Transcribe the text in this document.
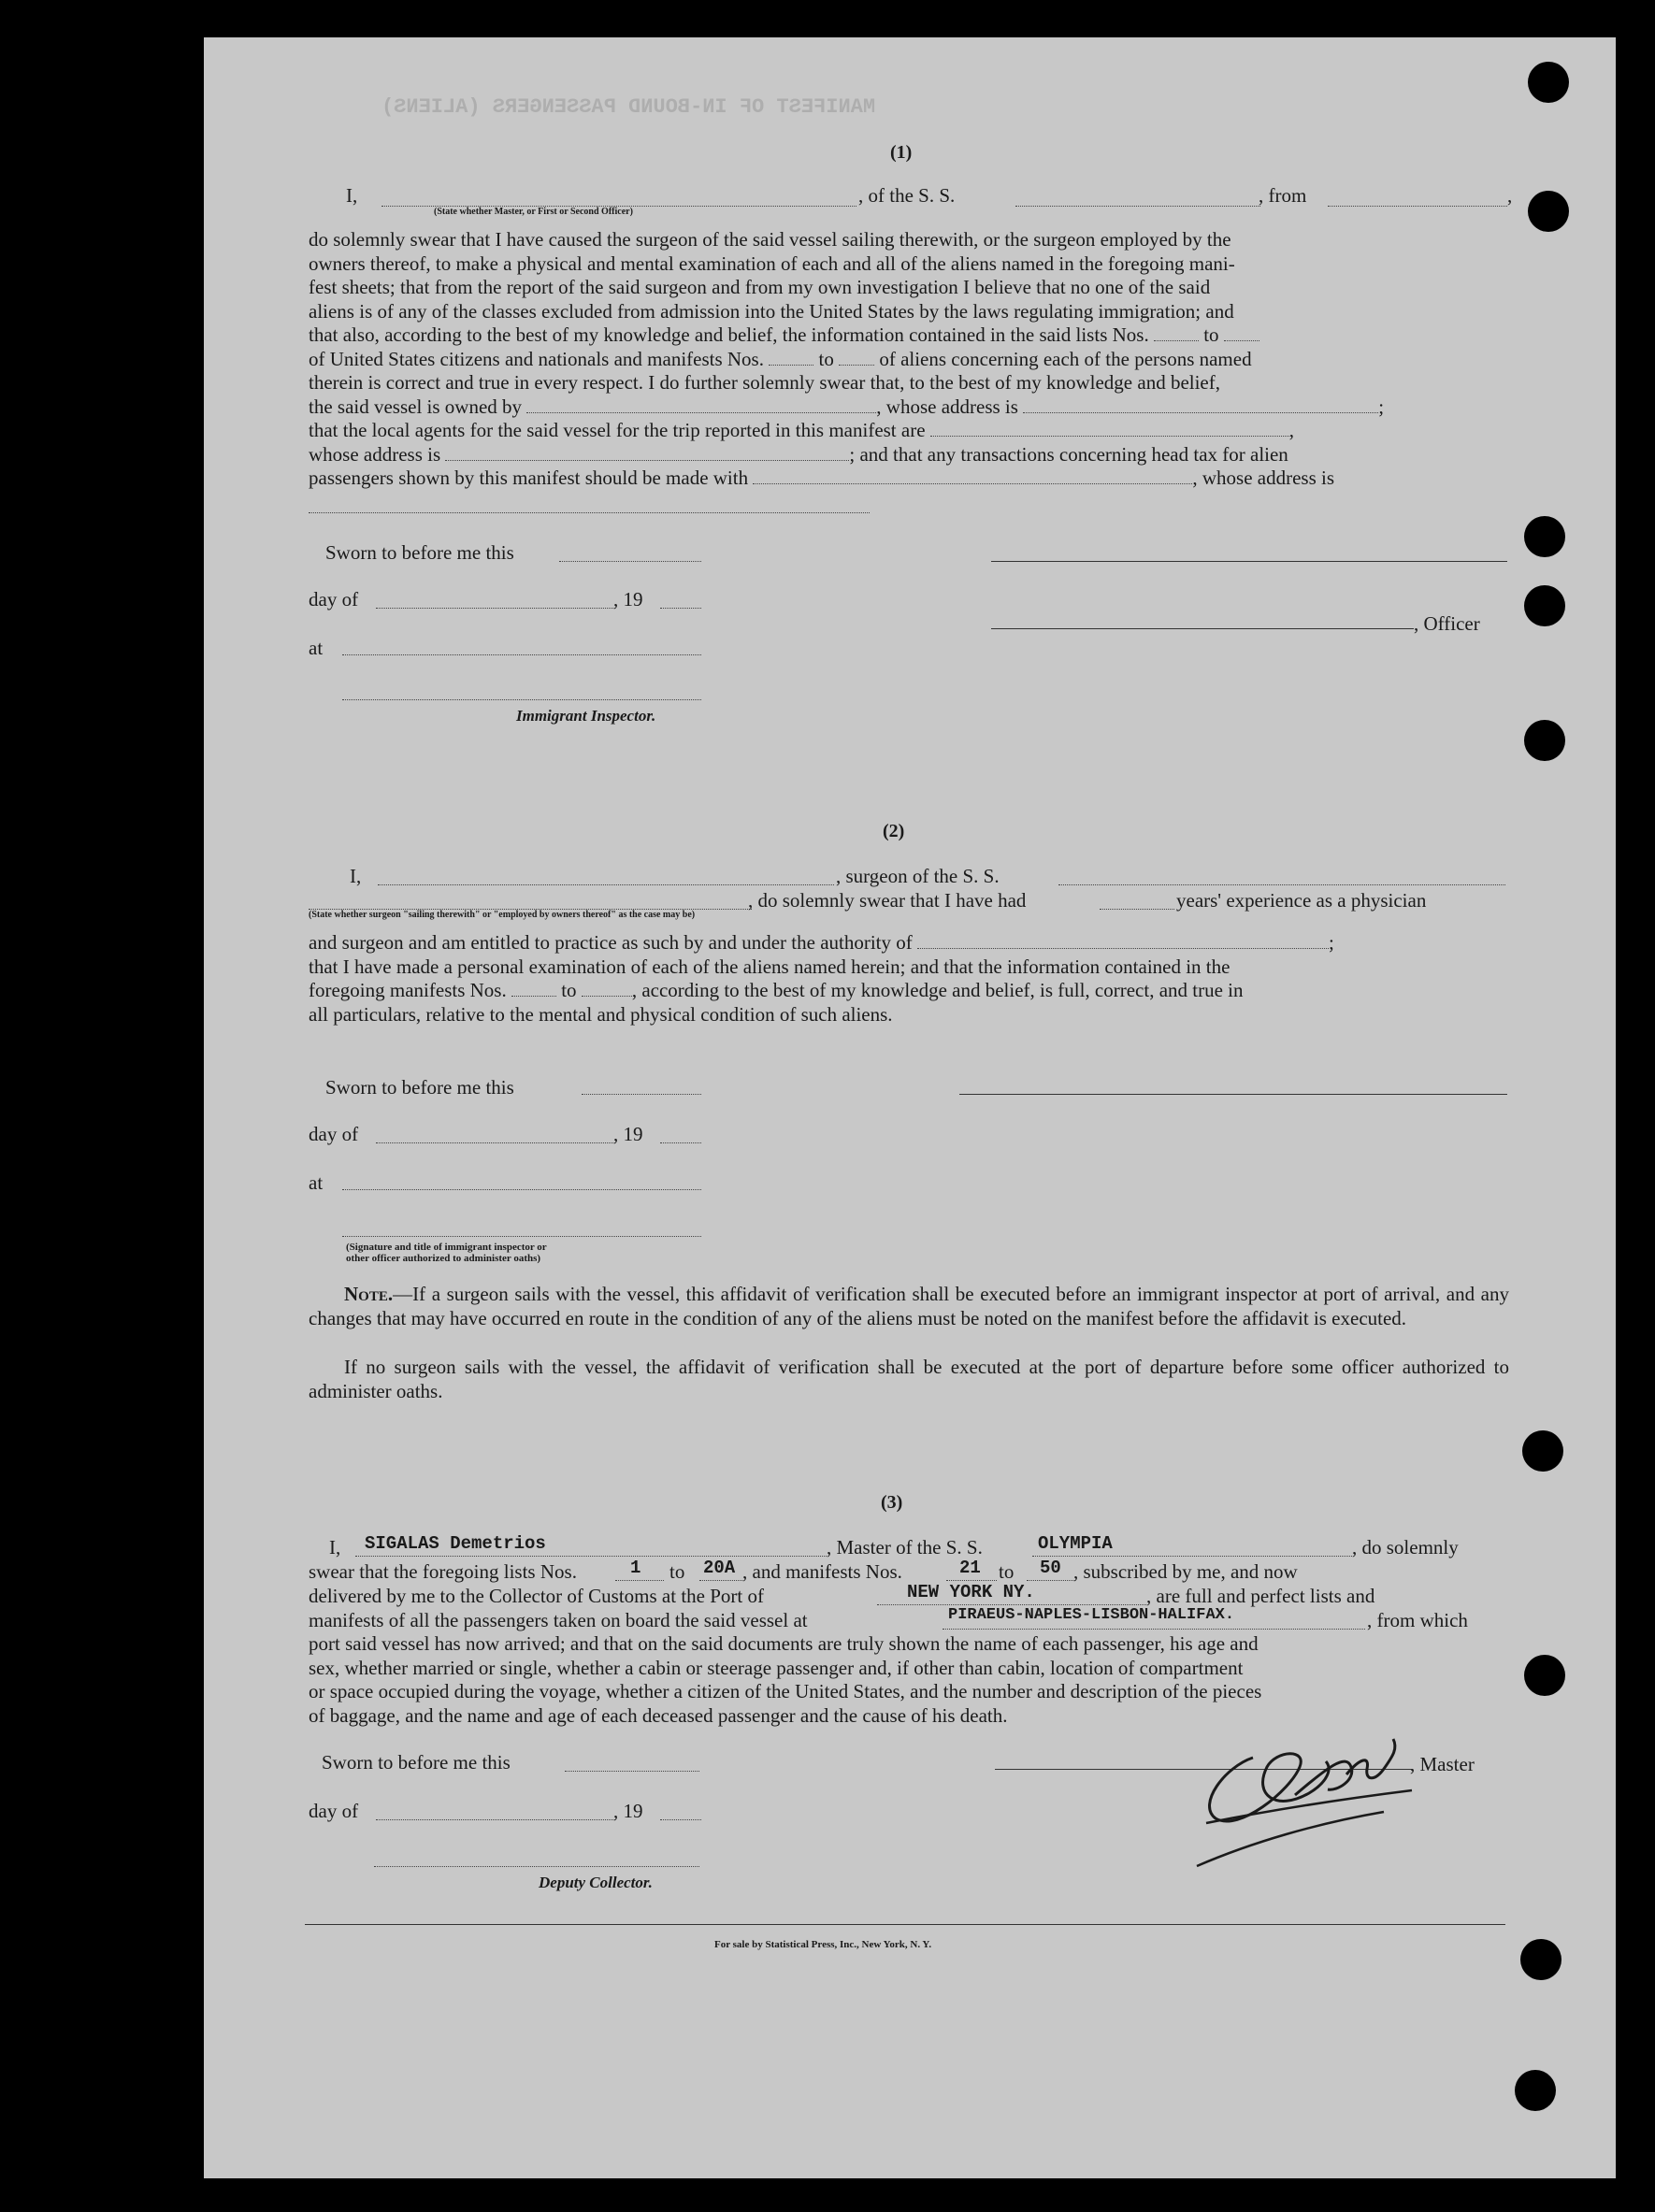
MANIFEST OF IN-BOUND PASSENGERS (ALIENS)
(1)
I,	, of the S. S.	, from	,
(State whether Master, or First or Second Officer)
do solemnly swear that I have caused the surgeon of the said vessel sailing therewith, or the surgeon employed by the
owners thereof, to make a physical and mental examination of each and all of the aliens named in the foregoing mani-
fest sheets; that from the report of the said surgeon and from my own investigation I believe that no one of the said
aliens is of any of the classes excluded from admission into the United States by the laws regulating immigration; and
that also, according to the best of my knowledge and belief, the information contained in the said lists Nos.	to
of United States citizens and nationals and manifests Nos.	to of aliens concerning each of the persons named
therein is correct and true in every respect. I do further solemnly swear that, to the best of my knowledge and belief,
the said vessel is owned by	, whose address is	;
that the local agents for the said vessel for the trip reported in this manifest are	,
whose address is	; and that any transactions concerning head tax for alien
passengers shown by this manifest should be made with	, whose address is
Sworn to before me this
day of	, 19
, Officer
at
Immigrant Inspector.
(2)
I,	, surgeon of the S. S.
, do solemnly swear that I have had	years' experience as a physician
(State whether surgeon "sailing therewith" or "employed by owners thereof" as the case may be)
and surgeon and am entitled to practice as such by and under the authority of	;
that I have made a personal examination of each of the aliens named herein; and that the information contained in the
foregoing manifests Nos.	to	, according to the best of my knowledge and belief, is full, correct, and true in
all particulars, relative to the mental and physical condition of such aliens.
Sworn to before me this
day of	, 19
at
(Signature and title of immigrant inspector or
other officer authorized to administer oaths)
Note.—If a surgeon sails with the vessel, this affidavit of verification shall be executed before an immigrant inspector at port of arrival, and any changes that may have occurred en route in the condition of any of the aliens must be noted on the manifest before the affidavit is executed.
If no surgeon sails with the vessel, the affidavit of verification shall be executed at the port of departure before some officer authorized to administer oaths.
(3)
I, SIGALAS Demetrios	, Master of the S. S.	OLYMPIA	, do solemnly
swear that the foregoing lists Nos.	1 to 20A , and manifests Nos.	21 to 50 , subscribed by me, and now
delivered by me to the Collector of Customs at the Port of	NEW YORK NY.	, are full and perfect lists and
manifests of all the passengers taken on board the said vessel at	PIRAEUS-NAPLES-LISBON-HALIFAX.	, from which
port said vessel has now arrived; and that on the said documents are truly shown the name of each passenger, his age and
sex, whether married or single, whether a cabin or steerage passenger and, if other than cabin, location of compartment
or space occupied during the voyage, whether a citizen of the United States, and the number and description of the pieces
of baggage, and the name and age of each deceased passenger and the cause of his death.
Sworn to before me this	, Master
day of	, 19
Deputy Collector.
For sale by Statistical Press, Inc., New York, N. Y.
